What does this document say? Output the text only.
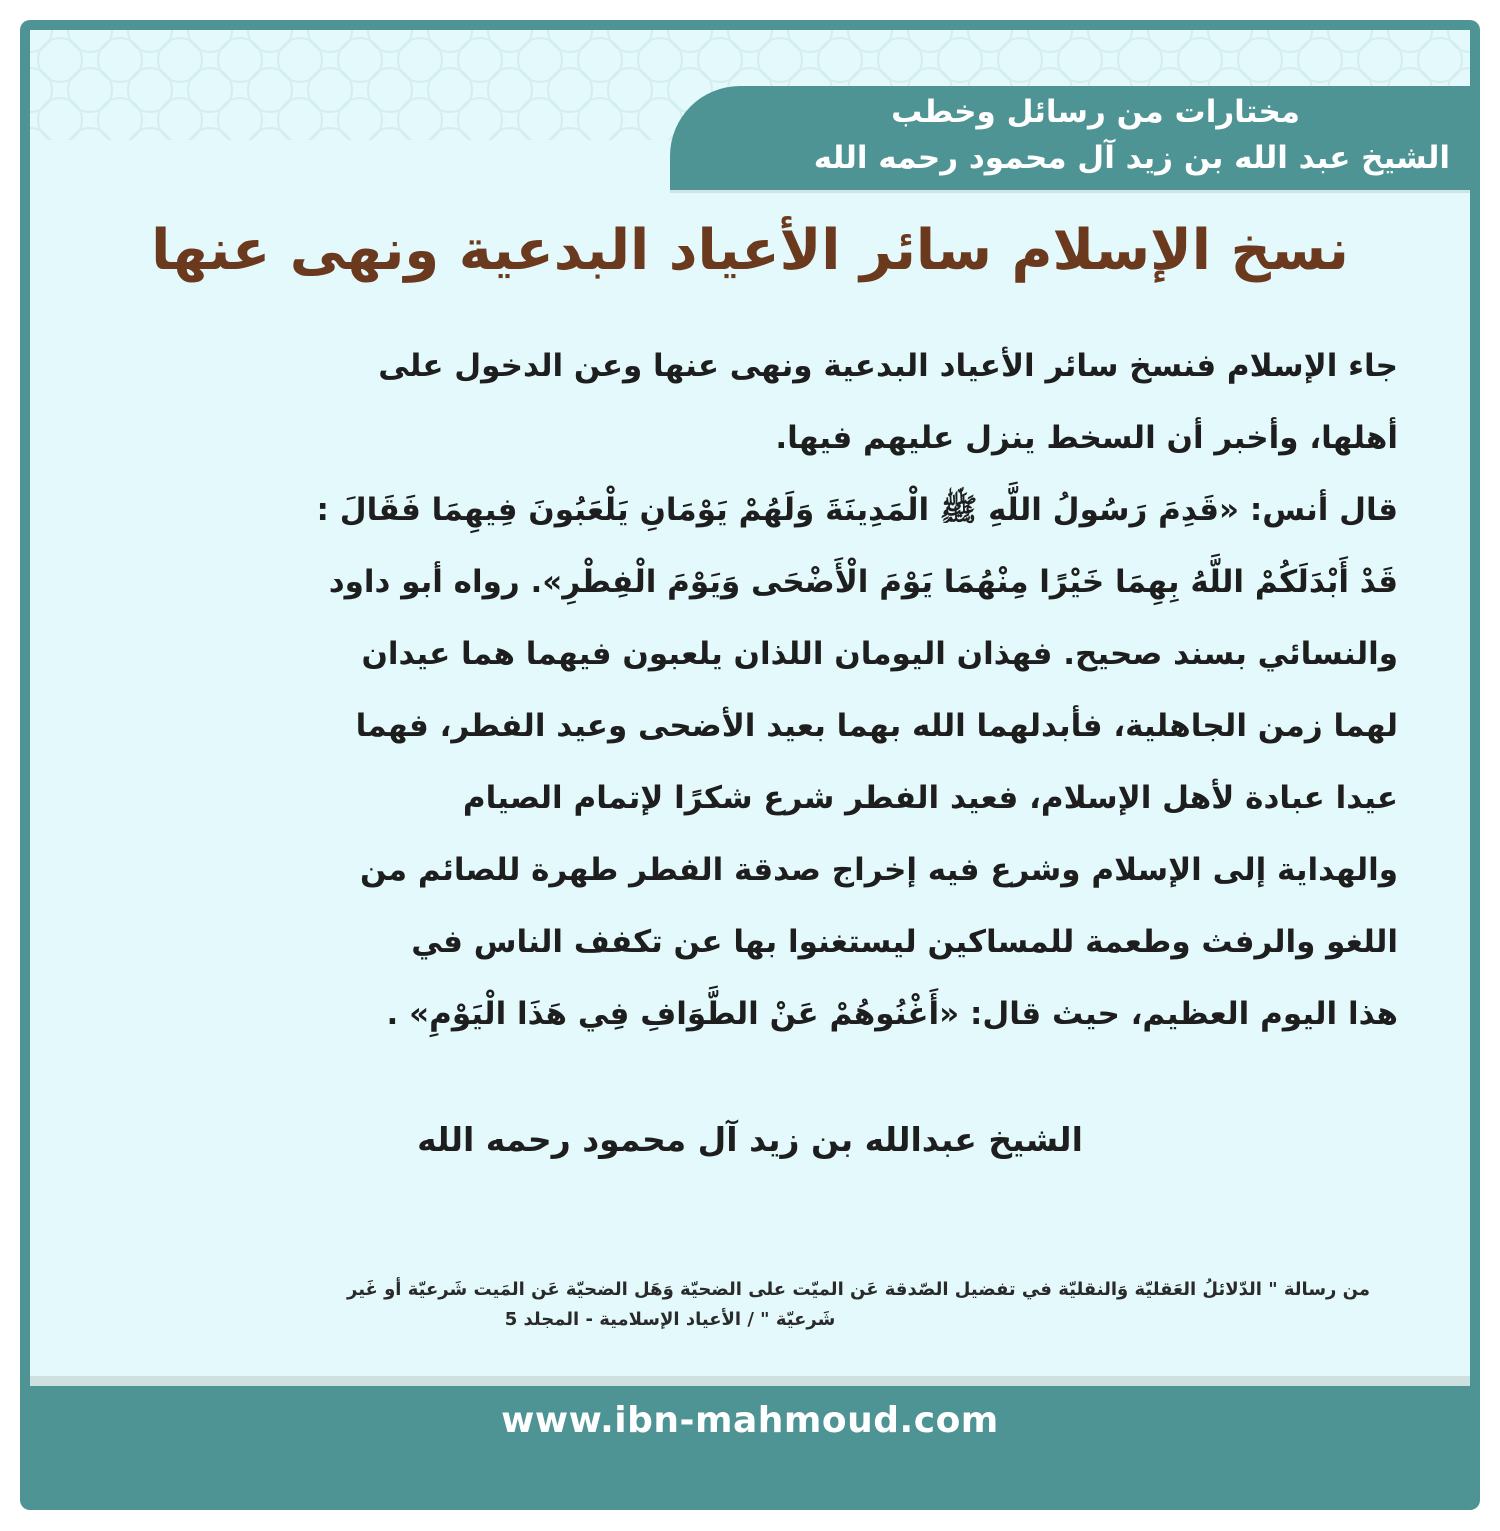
مختارات من رسائل وخطب
الشيخ عبد الله بن زيد آل محمود رحمه الله
نسخ الإسلام سائر الأعياد البدعية ونهى عنها
جاء الإسلام فنسخ سائر الأعياد البدعية ونهى عنها وعن الدخول على
أهلها، وأخبر أن السخط ينزل عليهم فيها.
قال أنس: «قَدِمَ رَسُولُ اللَّهِ ﷺ الْمَدِينَةَ وَلَهُمْ يَوْمَانِ يَلْعَبُونَ فِيهِمَا فَقَالَ :
قَدْ أَبْدَلَكُمْ اللَّهُ بِهِمَا خَيْرًا مِنْهُمَا يَوْمَ الْأَضْحَى وَيَوْمَ الْفِطْرِ». رواه أبو داود
والنسائي بسند صحيح. فهذان اليومان اللذان يلعبون فيهما هما عيدان
لهما زمن الجاهلية، فأبدلهما الله بهما بعيد الأضحى وعيد الفطر، فهما
عيدا عبادة لأهل الإسلام، فعيد الفطر شرع شكرًا لإتمام الصيام
والهداية إلى الإسلام وشرع فيه إخراج صدقة الفطر طهرة للصائم من
اللغو والرفث وطعمة للمساكين ليستغنوا بها عن تكفف الناس في
هذا اليوم العظيم، حيث قال: «أَغْنُوهُمْ عَنْ الطَّوَافِ فِي هَذَا الْيَوْمِ» .
الشيخ عبدالله بن زيد آل محمود رحمه الله
من رسالة " الدّلائلُ العَقليّة وَالنقليّة في تفضيل الصّدقة عَن الميّت على الضحيّة وَهَل الضحيّة عَن المَيت شَرعيّة أو غَير
شَرعيّة " / الأعياد الإسلامية - المجلد 5
www.ibn-mahmoud.com
